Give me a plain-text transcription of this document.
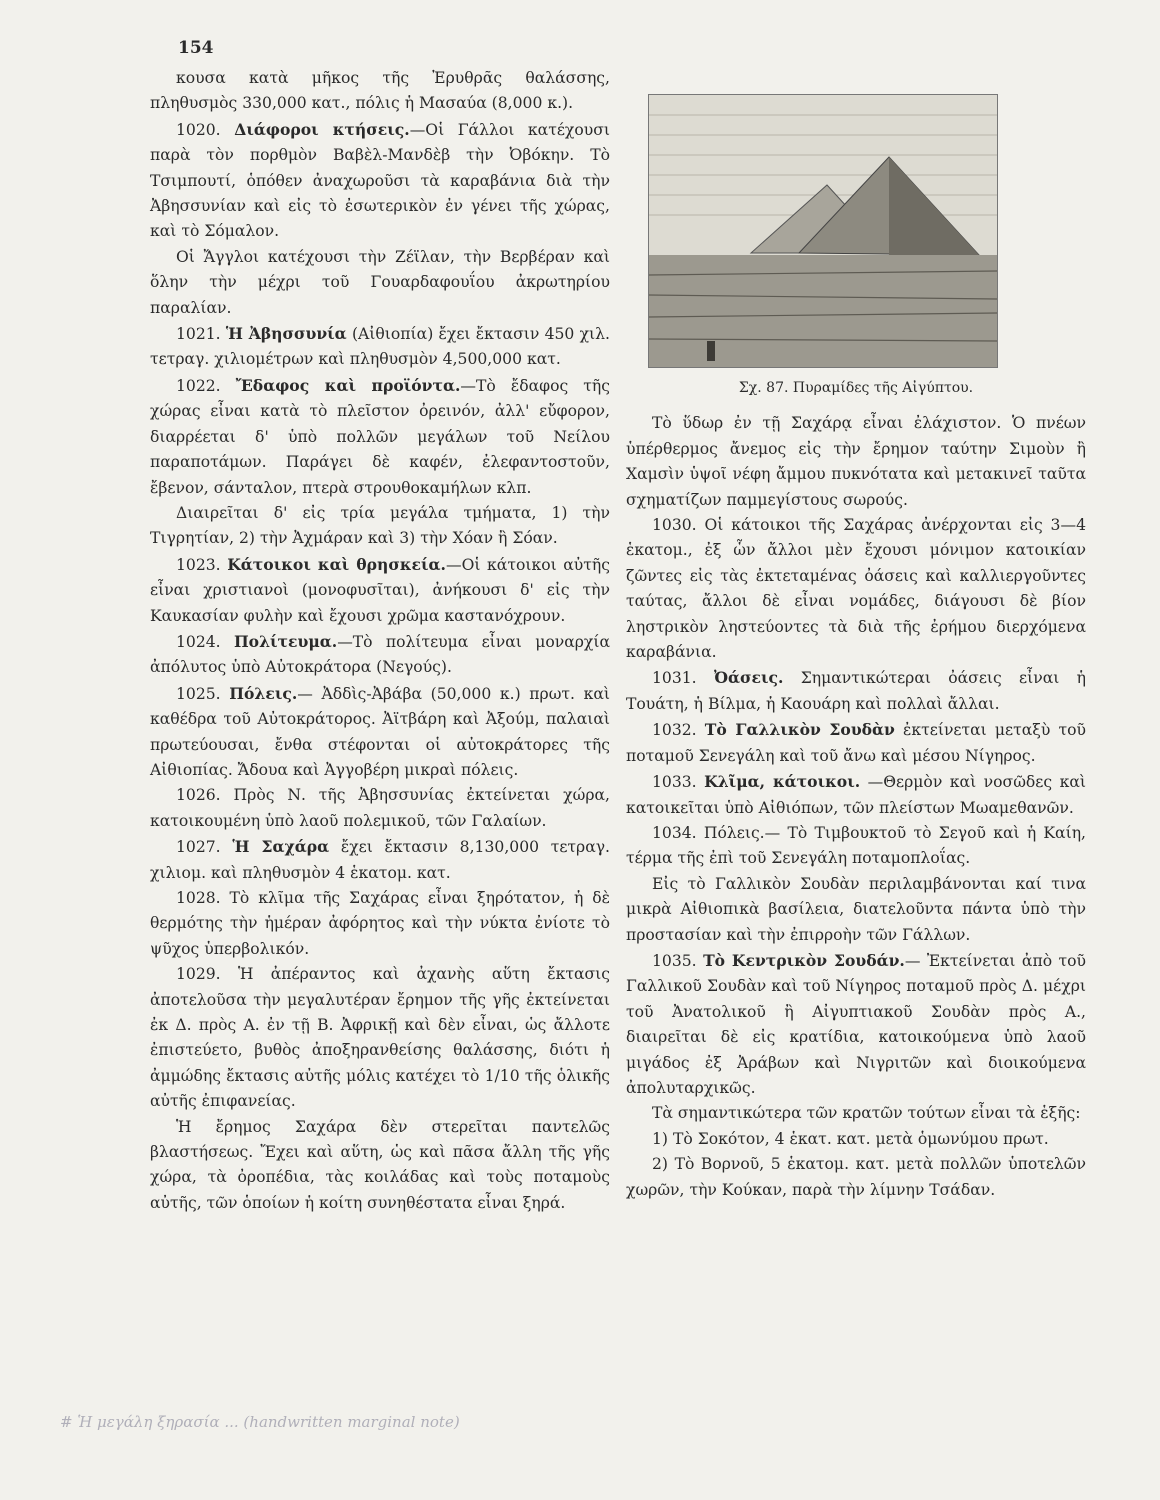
154

κουσα κατὰ μῆκος τῆς Ἐρυθρᾶς θαλάσσης, πληθυσμὸς 330,000 κατ., πόλις ἡ Μασαύα (8,000 κ.).

1020. Διάφοροι κτήσεις.—Οἱ Γάλλοι κατέχουσι παρὰ τὸν πορθμὸν Βαβὲλ-Μανδὲβ τὴν Ὀβόκην. Τὸ Τσιμπουτί, ὁπόθεν ἀναχωροῦσι τὰ καραβάνια διὰ τὴν Ἀβησσυνίαν καὶ εἰς τὸ ἐσωτερικὸν ἐν γένει τῆς χώρας, καὶ τὸ Σόμαλον.

Οἱ Ἄγγλοι κατέχουσι τὴν Ζέϊλαν, τὴν Βερβέραν καὶ ὅλην τὴν μέχρι τοῦ Γουαρδαφουΐου ἀκρωτηρίου παραλίαν.

1021. Ἡ Ἀβησσυνία (Αἰθιοπία) ἔχει ἔκτασιν 450 χιλ. τετραγ. χιλιομέτρων καὶ πληθυσμὸν 4,500,000 κατ.

1022. Ἔδαφος καὶ προϊόντα.—Τὸ ἔδαφος τῆς χώρας εἶναι κατὰ τὸ πλεῖστον ὀρεινόν, ἀλλ' εὔφορον, διαρρέεται δ' ὑπὸ πολλῶν μεγάλων τοῦ Νείλου παραποτάμων. Παράγει δὲ καφέν, ἐλεφαντοστοῦν, ἔβενον, σάνταλον, πτερὰ στρουθοκαμήλων κλπ.

Διαιρεῖται δ' εἰς τρία μεγάλα τμήματα, 1) τὴν Τιγρητίαν, 2) τὴν Ἀχμάραν καὶ 3) τὴν Χόαν ἢ Σόαν.

1023. Κάτοικοι καὶ θρησκεία.—Οἱ κάτοικοι αὐτῆς εἶναι χριστιανοὶ (μονοφυσῖται), ἀνήκουσι δ' εἰς τὴν Καυκασίαν φυλὴν καὶ ἔχουσι χρῶμα καστανόχρουν.

1024. Πολίτευμα.—Τὸ πολίτευμα εἶναι μοναρχία ἀπόλυτος ὑπὸ Αὐτοκράτορα (Νεγούς).

1025. Πόλεις.— Ἀδδὶς-Ἀβάβα (50,000 κ.) πρωτ. καὶ καθέδρα τοῦ Αὐτοκράτορος. Ἀϊτβάρη καὶ Ἀξούμ, παλαιαὶ πρωτεύουσαι, ἔνθα στέφονται οἱ αὐτοκράτορες τῆς Αἰθιοπίας. Ἄδουα καὶ Ἀγγοβέρη μικραὶ πόλεις.

1026. Πρὸς Ν. τῆς Ἀβησσυνίας ἐκτείνεται χώρα, κατοικουμένη ὑπὸ λαοῦ πολεμικοῦ, τῶν Γαλαίων.

1027. Ἡ Σαχάρα ἔχει ἔκτασιν 8,130,000 τετραγ. χιλιομ. καὶ πληθυσμὸν 4 ἑκατομ. κατ.

1028. Τὸ κλῖμα τῆς Σαχάρας εἶναι ξηρότατον, ἡ δὲ θερμότης τὴν ἡμέραν ἀφόρητος καὶ τὴν νύκτα ἐνίοτε τὸ ψῦχος ὑπερβολικόν.

1029. Ἡ ἀπέραντος καὶ ἀχανὴς αὕτη ἔκτασις ἀποτελοῦσα τὴν μεγαλυτέραν ἔρημον τῆς γῆς ἐκτείνεται ἐκ Δ. πρὸς Α. ἐν τῇ Β. Ἀφρικῇ καὶ δὲν εἶναι, ὡς ἄλλοτε ἐπιστεύετο, βυθὸς ἀποξηρανθείσης θαλάσσης, διότι ἡ ἀμμώδης ἔκτασις αὐτῆς μόλις κατέχει τὸ 1/10 τῆς ὁλικῆς αὐτῆς ἐπιφανείας.

Ἡ ἔρημος Σαχάρα δὲν στερεῖται παντελῶς βλαστήσεως. Ἔχει καὶ αὕτη, ὡς καὶ πᾶσα ἄλλη τῆς γῆς χώρα, τὰ ὀροπέδια, τὰς κοιλάδας καὶ τοὺς ποταμοὺς αὐτῆς, τῶν ὁποίων ἡ κοίτη συνηθέστατα εἶναι ξηρά.

Σχ. 87. Πυραμίδες τῆς Αἰγύπτου.

Τὸ ὕδωρ ἐν τῇ Σαχάρᾳ εἶναι ἐλάχιστον. Ὁ πνέων ὑπέρθερμος ἄνεμος εἰς τὴν ἔρημον ταύτην Σιμοὺν ἢ Χαμσὶν ὑψοῖ νέφη ἄμμου πυκνότατα καὶ μετακινεῖ ταῦτα σχηματίζων παμμεγίστους σωρούς.

1030. Οἱ κάτοικοι τῆς Σαχάρας ἀνέρχονται εἰς 3—4 ἑκατομ., ἐξ ὧν ἄλλοι μὲν ἔχουσι μόνιμον κατοικίαν ζῶντες εἰς τὰς ἐκτεταμένας ὀάσεις καὶ καλλιεργοῦντες ταύτας, ἄλλοι δὲ εἶναι νομάδες, διάγουσι δὲ βίον ληστρικὸν ληστεύοντες τὰ διὰ τῆς ἐρήμου διερχόμενα καραβάνια.

1031. Ὀάσεις. Σημαντικώτεραι ὀάσεις εἶναι ἡ Τουάτη, ἡ Βίλμα, ἡ Καουάρη καὶ πολλαὶ ἄλλαι.

1032. Τὸ Γαλλικὸν Σουδὰν ἐκτείνεται μεταξὺ τοῦ ποταμοῦ Σενεγάλη καὶ τοῦ ἄνω καὶ μέσου Νίγηρος.

1033. Κλῖμα, κάτοικοι. —Θερμὸν καὶ νοσῶδες καὶ κατοικεῖται ὑπὸ Αἰθιόπων, τῶν πλείστων Μωαμεθανῶν.

1034. Πόλεις.— Τὸ Τιμβουκτοῦ τὸ Σεγοῦ καὶ ἡ Καίη, τέρμα τῆς ἐπὶ τοῦ Σενεγάλη ποταμοπλοΐας.

Εἰς τὸ Γαλλικὸν Σουδὰν περιλαμβάνονται καί τινα μικρὰ Αἰθιοπικὰ βασίλεια, διατελοῦντα πάντα ὑπὸ τὴν προστασίαν καὶ τὴν ἐπιρροὴν τῶν Γάλλων.

1035. Τὸ Κεντρικὸν Σουδάν.— Ἐκτείνεται ἀπὸ τοῦ Γαλλικοῦ Σουδὰν καὶ τοῦ Νίγηρος ποταμοῦ πρὸς Δ. μέχρι τοῦ Ἀνατολικοῦ ἢ Αἰγυπτιακοῦ Σουδὰν πρὸς Α., διαιρεῖται δὲ εἰς κρατίδια, κατοικούμενα ὑπὸ λαοῦ μιγάδος ἐξ Ἀράβων καὶ Νιγριτῶν καὶ διοικούμενα ἀπολυταρχικῶς.

Τὰ σημαντικώτερα τῶν κρατῶν τούτων εἶναι τὰ ἑξῆς:

1) Τὸ Σοκότον, 4 ἑκατ. κατ. μετὰ ὁμωνύμου πρωτ.

2) Τὸ Βορνοῦ, 5 ἑκατομ. κατ. μετὰ πολλῶν ὑποτελῶν χωρῶν, τὴν Κούκαν, παρὰ τὴν λίμνην Τσάδαν.

# Ἡ μεγάλη ξηρασία ... (handwritten marginal note)
